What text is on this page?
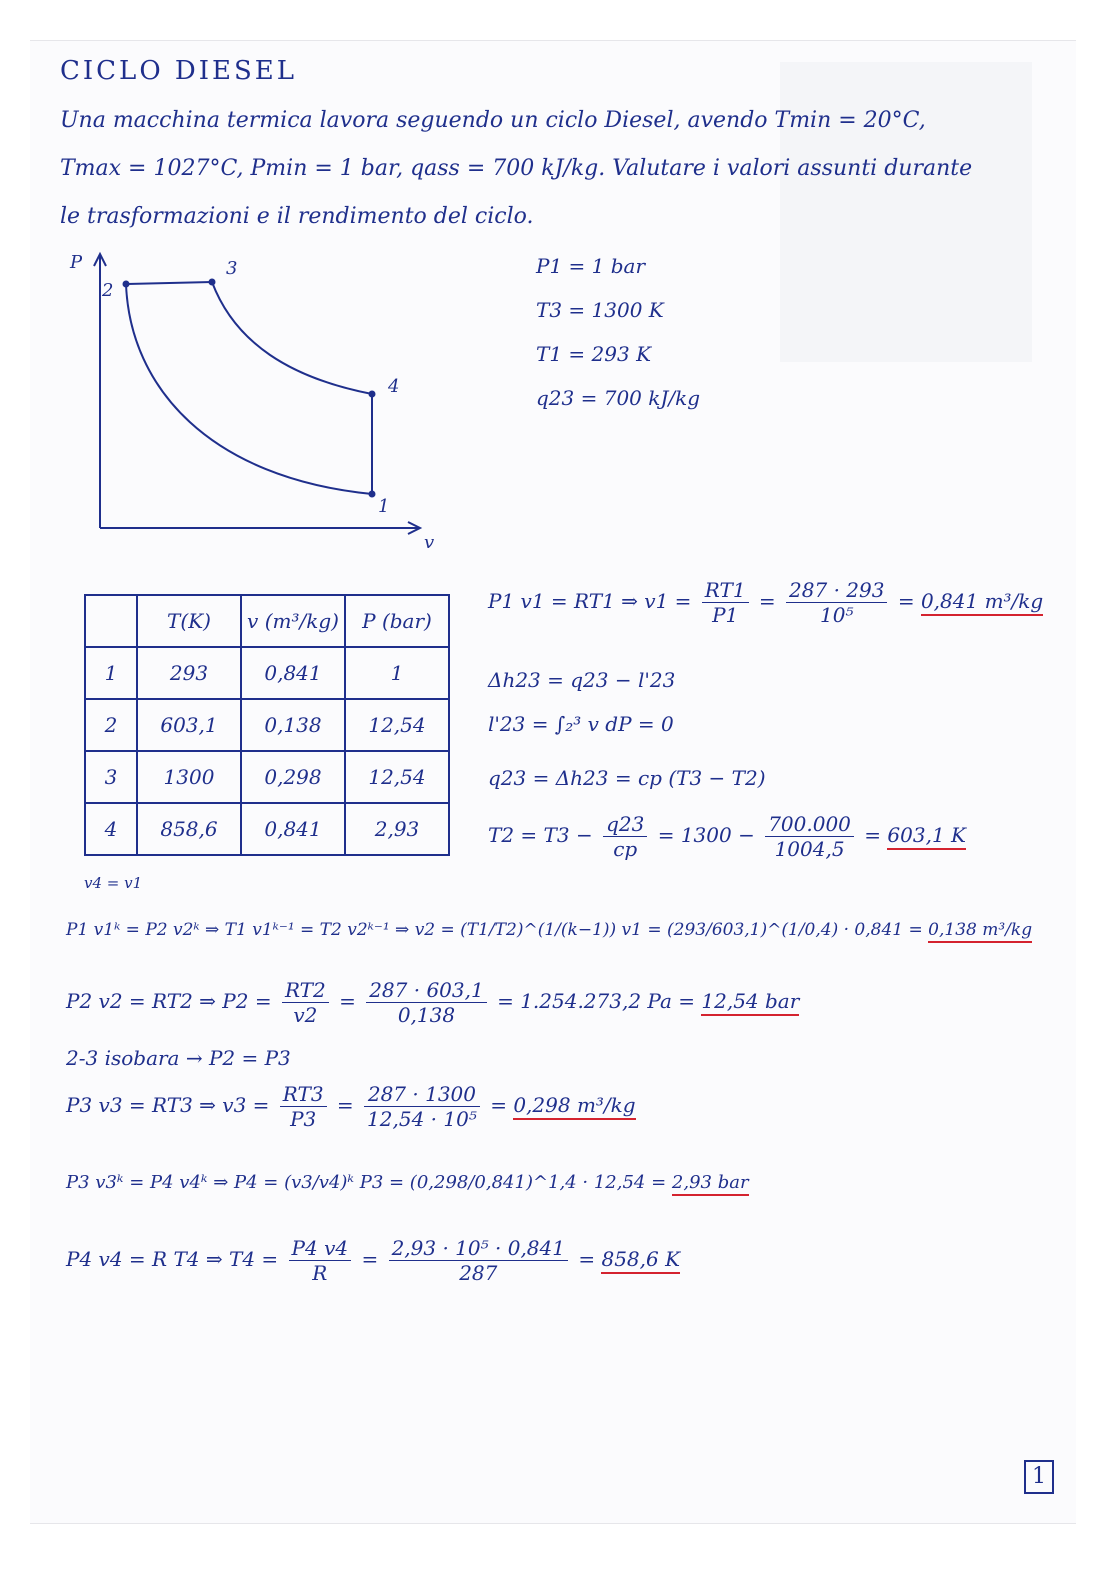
CICLO DIESEL
Una macchina termica lavora seguendo un ciclo Diesel, avendo Tmin = 20°C,
Tmax = 1027°C, Pmin = 1 bar, qass = 700 kJ/kg. Valutare i valori assunti durante
le trasformazioni e il rendimento del ciclo.
P
v
2
3
4
1
P1 = 1 bar
T3 = 1300 K
T1 = 293 K
q23 = 700 kJ/kg
	T(K)	v (m³/kg)	P (bar)
1	293	0,841	1
2	603,1	0,138	12,54
3	1300	0,298	12,54
4	858,6	0,841	2,93
P1 v1 = RT1 ⇒ $v1 = \frac{RT1}{P1} = \frac{287 \cdot 293}{\text{10⁵}} = 0,841$ m³/kg
Δh23 = q23 − l'23
l'23 = ∫₂³ v dP = 0
q23 = Δh23 = cp (T3 − T2)
$T2 = T3 - \frac{q23}{cp} = 1300 - \frac{700.000}{1004,5} = 603,1$ K
v4 = v1
P1 v1ᵏ = P2 v2ᵏ ⇒ T1 v1ᵏ⁻¹ = T2 v2ᵏ⁻¹ ⇒ v2 = (T1/T2)^(1/(k−1)) v1 = (293/603,1)^(1/0,4) · 0,841 = 0,138 m³/kg
P2 v2 = RT2 ⇒ $P2 = \frac{RT2}{v2} = \frac{287 \cdot 603,1}{0,138} = 1.254.273,2$ Pa = 12,54 bar
2-3 isobara → P2 = P3
P3 v3 = RT3 ⇒ $v3 = \frac{RT3}{P3} = \frac{287 \cdot 1300}{\text{12,54 · 10⁵}} = 0,298$ m³/kg
P3 v3ᵏ = P4 v4ᵏ ⇒ P4 = (v3/v4)ᵏ P3 = (0,298/0,841)^1,4 · 12,54 = 2,93 bar
P4 v4 = R T4 ⇒ $T4 = \frac{P4 v4}{R} = \frac{\text{2,93 · 10⁵ · 0,841}}{287} = 858,6$ K
1
